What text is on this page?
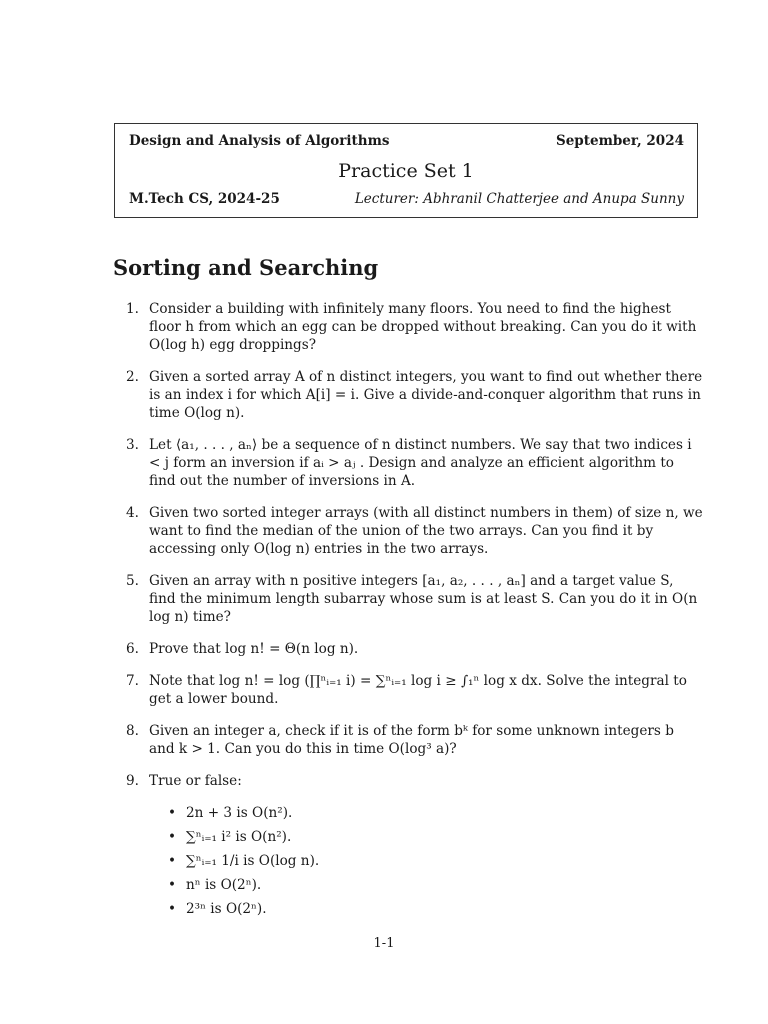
Design and Analysis of Algorithms	September, 2024
Practice Set 1
M.Tech CS, 2024-25	Lecturer: Abhranil Chatterjee and Anupa Sunny
Sorting and Searching
1. Consider a building with infinitely many floors. You need to find the highest floor h from which an egg can be dropped without breaking. Can you do it with O(log h) egg droppings?
2. Given a sorted array A of n distinct integers, you want to find out whether there is an index i for which A[i] = i. Give a divide-and-conquer algorithm that runs in time O(log n).
3. Let ⟨a₁, . . . , aₙ⟩ be a sequence of n distinct numbers. We say that two indices i < j form an inversion if aᵢ > aⱼ . Design and analyze an efficient algorithm to find out the number of inversions in A.
4. Given two sorted integer arrays (with all distinct numbers in them) of size n, we want to find the median of the union of the two arrays. Can you find it by accessing only O(log n) entries in the two arrays.
5. Given an array with n positive integers [a₁, a₂, . . . , aₙ] and a target value S, find the minimum length subarray whose sum is at least S. Can you do it in O(n log n) time?
6. Prove that log n! = Θ(n log n).
7. Note that log n! = log (∏ⁿᵢ₌₁ i) = ∑ⁿᵢ₌₁ log i ≥ ∫₁ⁿ log x dx. Solve the integral to get a lower bound.
8. Given an integer a, check if it is of the form bᵏ for some unknown integers b and k > 1. Can you do this in time O(log³ a)?
9. True or false:
• 2n + 3 is O(n²).
• ∑ⁿᵢ₌₁ i² is O(n²).
• ∑ⁿᵢ₌₁ 1/i is O(log n).
• nⁿ is O(2ⁿ).
• 2³ⁿ is O(2ⁿ).
1-1
